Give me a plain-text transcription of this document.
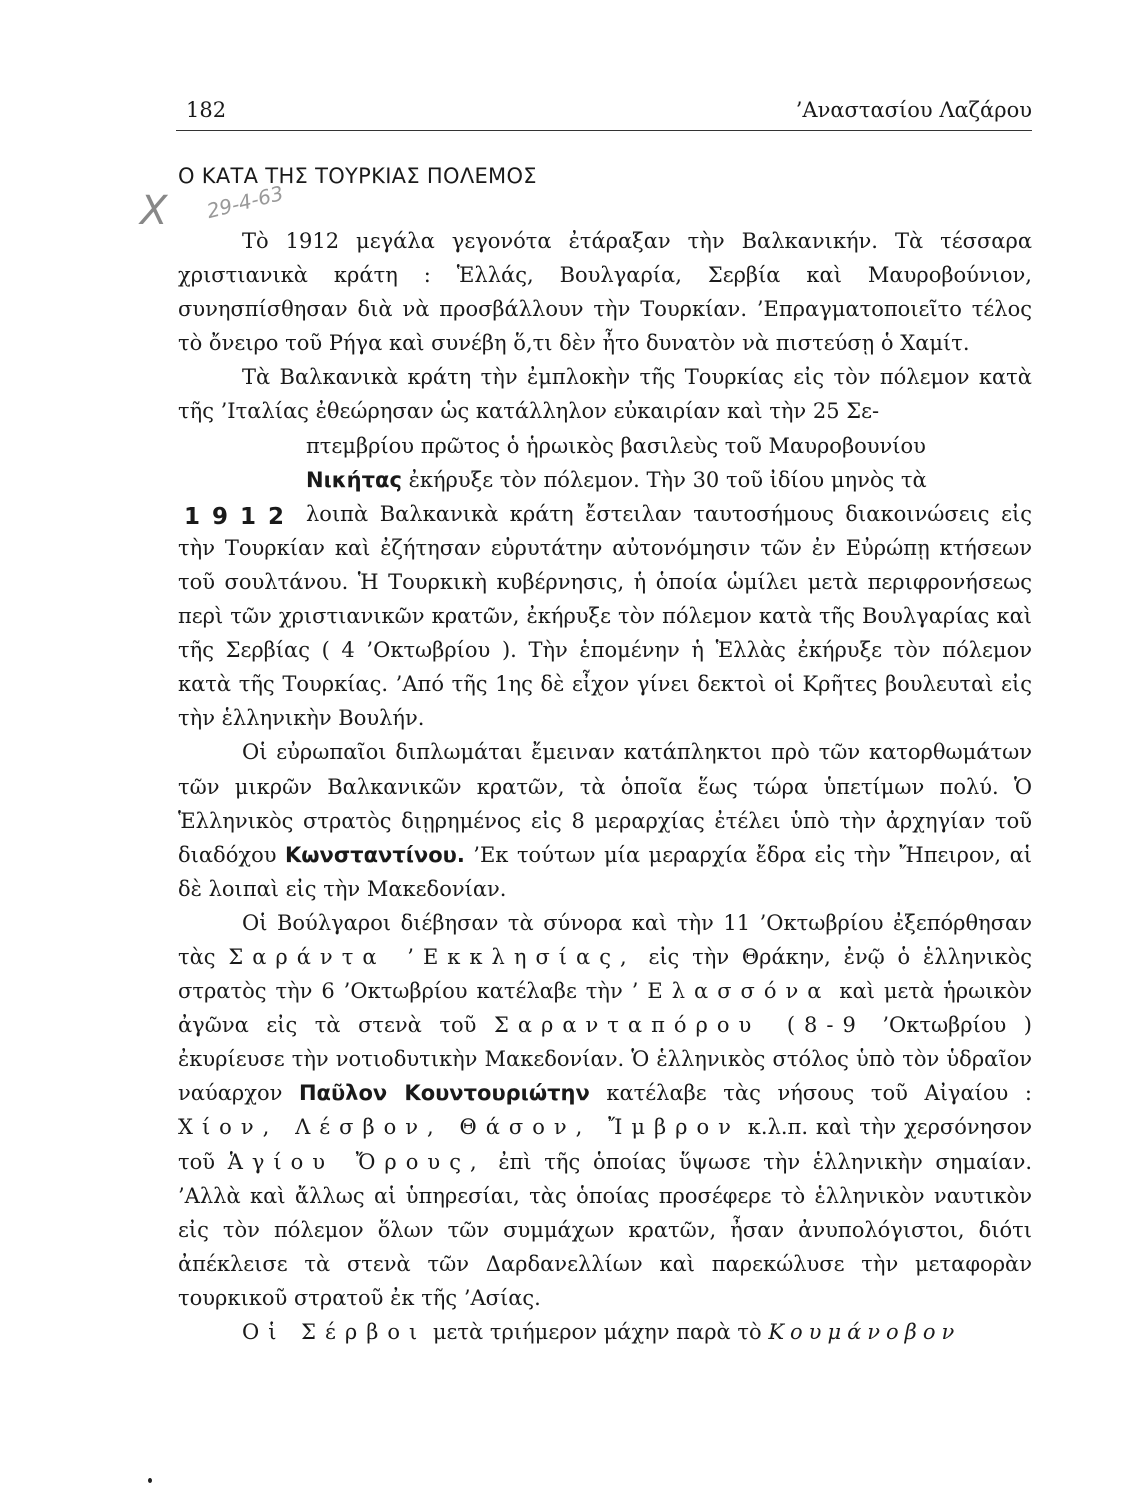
182	’Αναστασίου Λαζάρου
Ο ΚΑΤΑ ΤΗΣ ΤΟΥΡΚΙΑΣ ΠΟΛΕΜΟΣ
X 29-4-63
1912

Τὸ 1912 μεγάλα γεγονότα ἐτάραξαν τὴν Βαλκανικήν. Τὰ τέσσαρα χριστιανικὰ κράτη : Ἑλλάς, Βουλγαρία, Σερβία καὶ Μαυροβούνιον, συνησπίσθησαν διὰ νὰ προσβάλλουν τὴν Τουρκίαν. ’Επραγματοποιεῖτο τέλος τὸ ὄνειρο τοῦ Ρήγα καὶ συνέβη ὅ,τι δὲν ἦτο δυνατὸν νὰ πιστεύσῃ ὁ Χαμίτ.

Τὰ Βαλκανικὰ κράτη τὴν ἐμπλοκὴν τῆς Τουρκίας εἰς τὸν πόλεμον κατὰ τῆς ’Ιταλίας ἐθεώρησαν ὡς κατάλληλον εὐκαιρίαν καὶ τὴν 25 Σε-
πτεμβρίου πρῶτος ὁ ἡρωικὸς βασιλεὺς τοῦ Μαυροβουνίου
Νικήτας ἐκήρυξε τὸν πόλεμον. Τὴν 30 τοῦ ἰδίου μηνὸς τὰ
λοιπὰ Βαλκανικὰ κράτη ἔστειλαν ταυτοσήμους διακοινώσεις εἰς τὴν Τουρκίαν καὶ ἐζήτησαν εὐρυτάτην αὐτονόμησιν τῶν ἐν Εὐρώπῃ κτήσεων τοῦ σουλτάνου. Ἡ Τουρκικὴ κυβέρνησις, ἡ ὁποία ὡμίλει μετὰ περιφρονήσεως περὶ τῶν χριστιανικῶν κρατῶν, ἐκήρυξε τὸν πόλεμον κατὰ τῆς Βουλγαρίας καὶ τῆς Σερβίας ( 4 ’Οκτωβρίου ). Τὴν ἑπομένην ἡ Ἑλλὰς ἐκήρυξε τὸν πόλεμον κατὰ τῆς Τουρκίας. ’Από τῆς 1ης δὲ εἶχον γίνει δεκτοὶ οἱ Κρῆτες βουλευταὶ εἰς τὴν ἑλληνικὴν Βουλήν.

Οἱ εὐρωπαῖοι διπλωμάται ἔμειναν κατάπληκτοι πρὸ τῶν κατορθωμάτων τῶν μικρῶν Βαλκανικῶν κρατῶν, τὰ ὁποῖα ἕως τώρα ὑπετίμων πολύ. Ὁ Ἑλληνικὸς στρατὸς διῃρημένος εἰς 8 μεραρχίας ἐτέλει ὑπὸ τὴν ἀρχηγίαν τοῦ διαδόχου Κωνσταντίνου. ’Εκ τούτων μία μεραρχία ἔδρα εἰς τὴν Ἤπειρον, αἱ δὲ λοιπαὶ εἰς τὴν Μακεδονίαν.

Οἱ Βούλγαροι διέβησαν τὰ σύνορα καὶ τὴν 11 ’Οκτωβρίου ἐξεπόρθησαν τὰς Σαράντα ’Εκκλησίας, εἰς τὴν Θράκην, ἐνῷ ὁ ἑλληνικὸς στρατὸς τὴν 6 ’Οκτωβρίου κατέλαβε τὴν ’Ελασσόνα καὶ μετὰ ἡρωικὸν ἀγῶνα εἰς τὰ στενὰ τοῦ Σαρανταπόρου (8-9 ’Οκτωβρίου ) ἐκυρίευσε τὴν νοτιοδυτικὴν Μακεδονίαν. Ὁ ἑλληνικὸς στόλος ὑπὸ τὸν ὑδραῖον ναύαρχον Παῦλον Κουντουριώτην κατέλαβε τὰς νήσους τοῦ Αἰγαίου : Χίον, Λέσβον, Θάσον, Ἴμβρον κ.λ.π. καὶ τὴν χερσόνησον τοῦ Ἁγίου Ὄρους, ἐπὶ τῆς ὁποίας ὕψωσε τὴν ἑλληνικὴν σημαίαν. ’Αλλὰ καὶ ἄλλως αἱ ὑπηρεσίαι, τὰς ὁποίας προσέφερε τὸ ἑλληνικὸν ναυτικὸν εἰς τὸν πόλεμον ὅλων τῶν συμμάχων κρατῶν, ἦσαν ἀνυπολόγιστοι, διότι ἀπέκλεισε τὰ στενὰ τῶν Δαρδανελλίων καὶ παρεκώλυσε τὴν μεταφορὰν τουρκικοῦ στρατοῦ ἐκ τῆς ’Ασίας.

Οἱ Σέρβοι μετὰ τριήμερον μάχην παρὰ τὸ Κουμάνοβον
